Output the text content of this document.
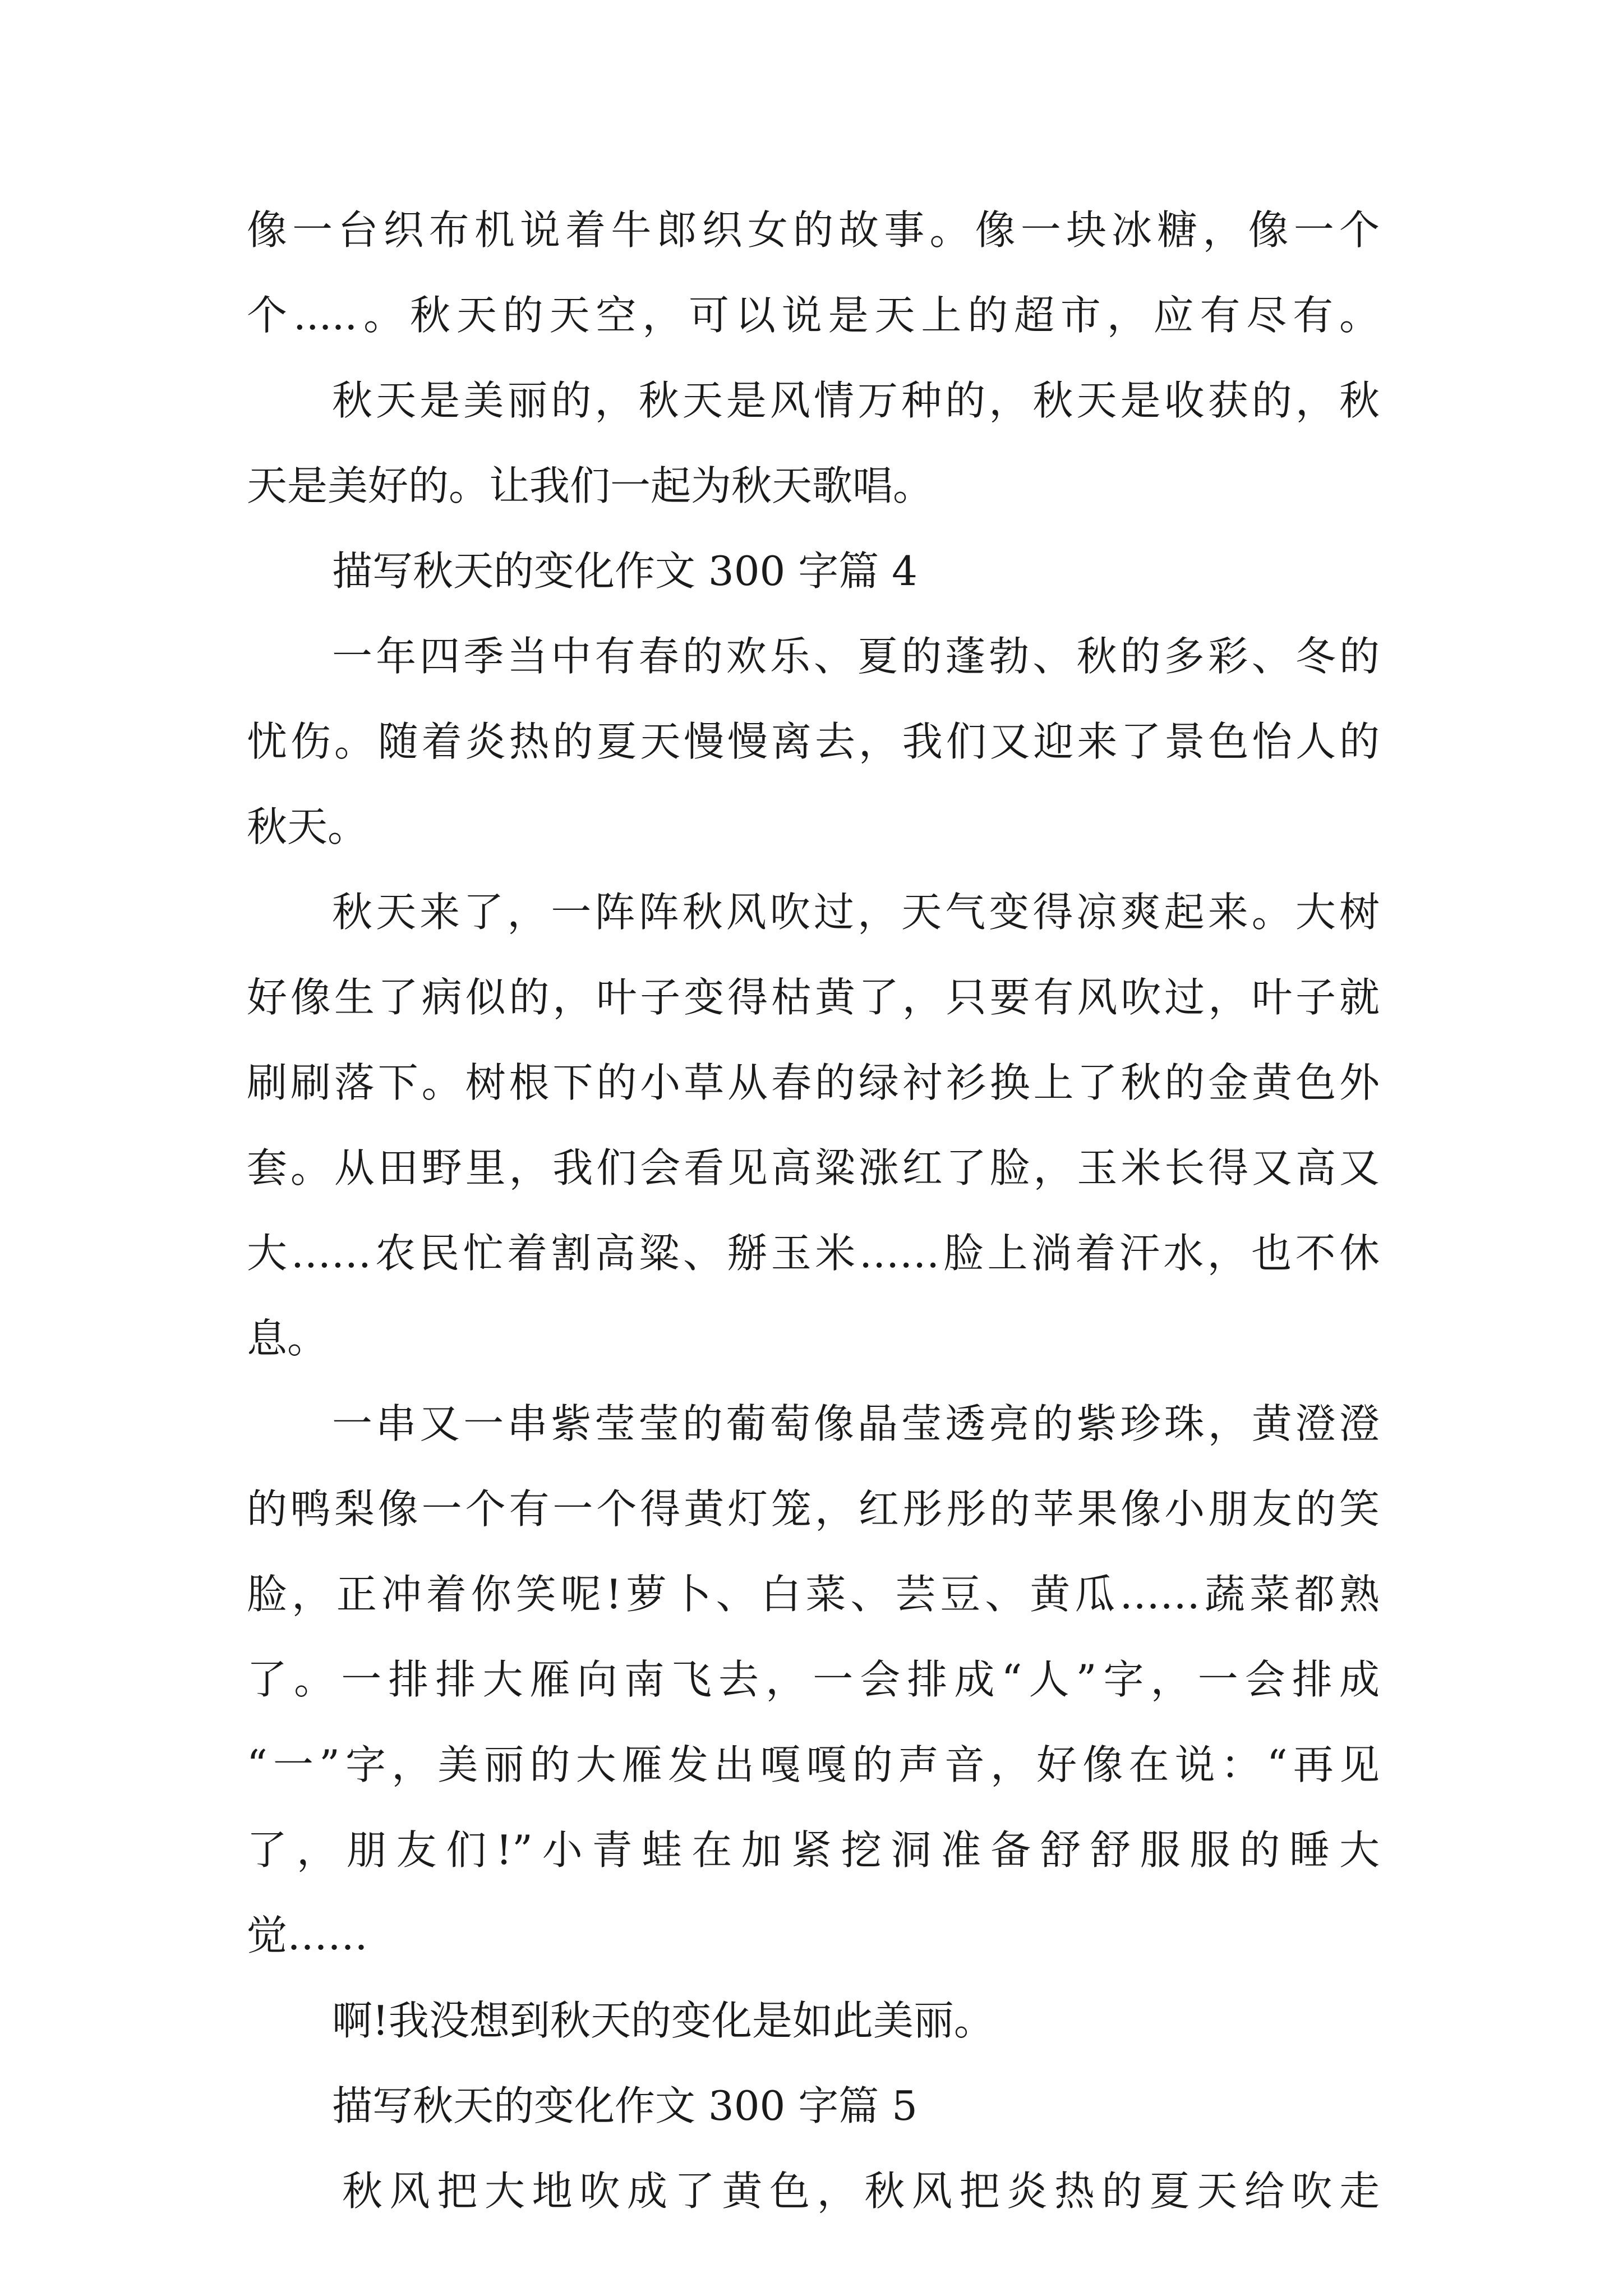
像一台织布机说着牛郎织女的故事。像一块冰糖，像一个
个.....。秋天的天空，可以说是天上的超市，应有尽有。
秋天是美丽的，秋天是风情万种的，秋天是收获的，秋
天是美好的。让我们一起为秋天歌唱。
描写秋天的变化作文 300 字篇 4
一年四季当中有春的欢乐、夏的蓬勃、秋的多彩、冬的
忧伤。随着炎热的夏天慢慢离去，我们又迎来了景色怡人的
秋天。
秋天来了，一阵阵秋风吹过，天气变得凉爽起来。大树
好像生了病似的，叶子变得枯黄了，只要有风吹过，叶子就
刷刷落下。树根下的小草从春的绿衬衫换上了秋的金黄色外
套。从田野里，我们会看见高粱涨红了脸，玉米长得又高又
大……农民忙着割高粱、掰玉米……脸上淌着汗水，也不休
息。
一串又一串紫莹莹的葡萄像晶莹透亮的紫珍珠，黄澄澄
的鸭梨像一个有一个得黄灯笼，红彤彤的苹果像小朋友的笑
脸，正冲着你笑呢!萝卜、白菜、芸豆、黄瓜……蔬菜都熟
了。一排排大雁向南飞去，一会排成“人”字，一会排成
“一”字，美丽的大雁发出嘎嘎的声音，好像在说：“再见
了，朋友们!”小青蛙在加紧挖洞准备舒舒服服的睡大
觉……
啊!我没想到秋天的变化是如此美丽。
描写秋天的变化作文 300 字篇 5
秋风把大地吹成了黄色，秋风把炎热的夏天给吹走
